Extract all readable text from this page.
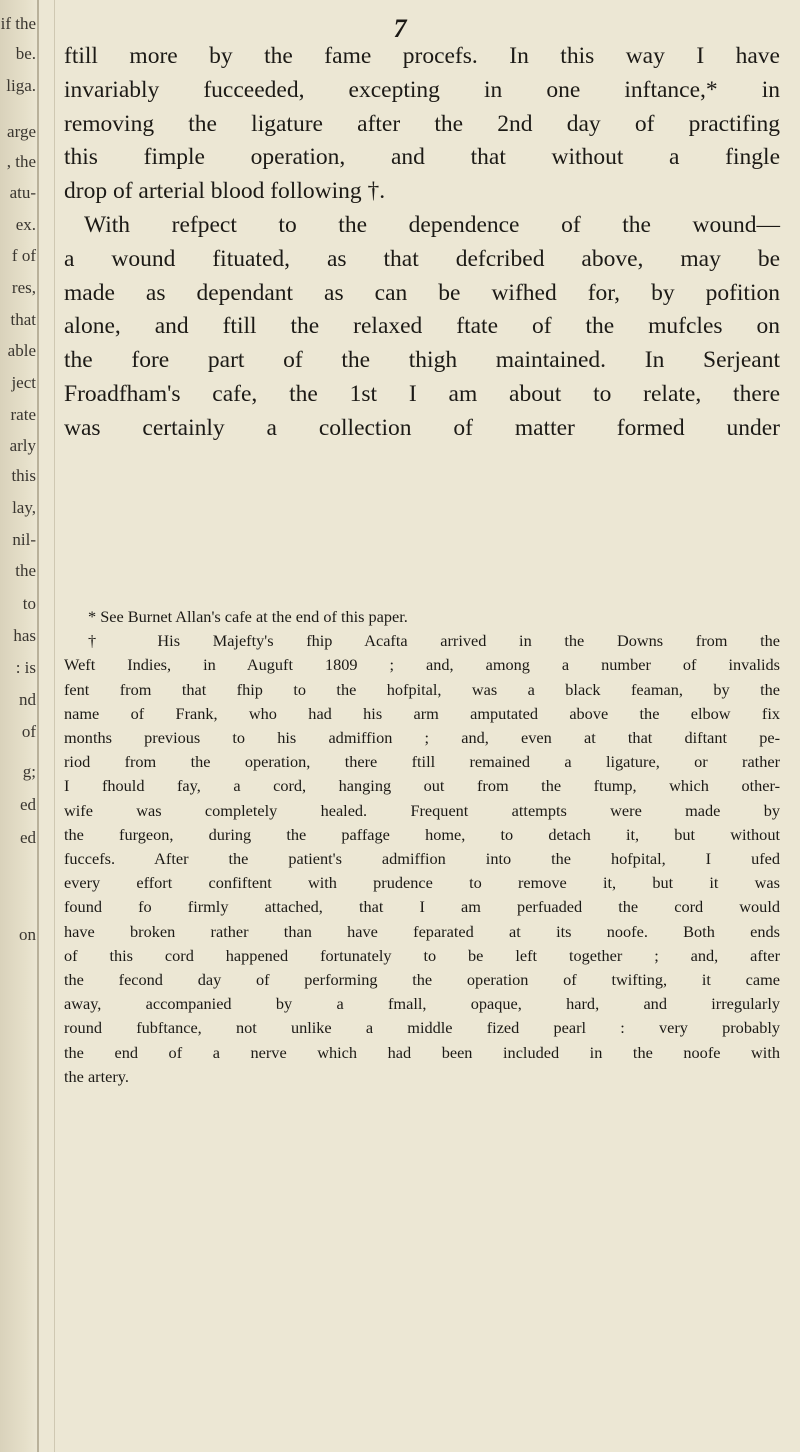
if the
be.
liga.
arge
, the
atu-
ex.
f of
res,
that
able
ject
rate
arly
this
lay,
nil-
the
to
has
: is
nd
of
g;
ed
ed
on
7
ftill more by the fame procefs. In this way I have
invariably fucceeded, excepting in one inftance,* in
removing the ligature after the 2nd day of practifing
this fimple operation, and that without a fingle
drop of arterial blood following †.
With refpect to the dependence of the wound—
a wound fituated, as that defcribed above, may be
made as dependant as can be wifhed for, by pofition
alone, and ftill the relaxed ftate of the mufcles on
the fore part of the thigh maintained. In Serjeant
Froadfham's cafe, the 1st I am about to relate, there
was certainly a collection of matter formed under
* See Burnet Allan's cafe at the end of this paper.
† His Majefty's fhip Acafta arrived in the Downs from the
Weft Indies, in Auguft 1809 ; and, among a number of invalids
fent from that fhip to the hofpital, was a black feaman, by the
name of Frank, who had his arm amputated above the elbow fix
months previous to his admiffion ; and, even at that diftant pe-
riod from the operation, there ftill remained a ligature, or rather
I fhould fay, a cord, hanging out from the ftump, which other-
wife was completely healed. Frequent attempts were made by
the furgeon, during the paffage home, to detach it, but without
fuccefs. After the patient's admiffion into the hofpital, I ufed
every effort confiftent with prudence to remove it, but it was
found fo firmly attached, that I am perfuaded the cord would
have broken rather than have feparated at its noofe. Both ends
of this cord happened fortunately to be left together ; and, after
the fecond day of performing the operation of twifting, it came
away, accompanied by a fmall, opaque, hard, and irregularly
round fubftance, not unlike a middle fized pearl : very probably
the end of a nerve which had been included in the noofe with
the artery.
